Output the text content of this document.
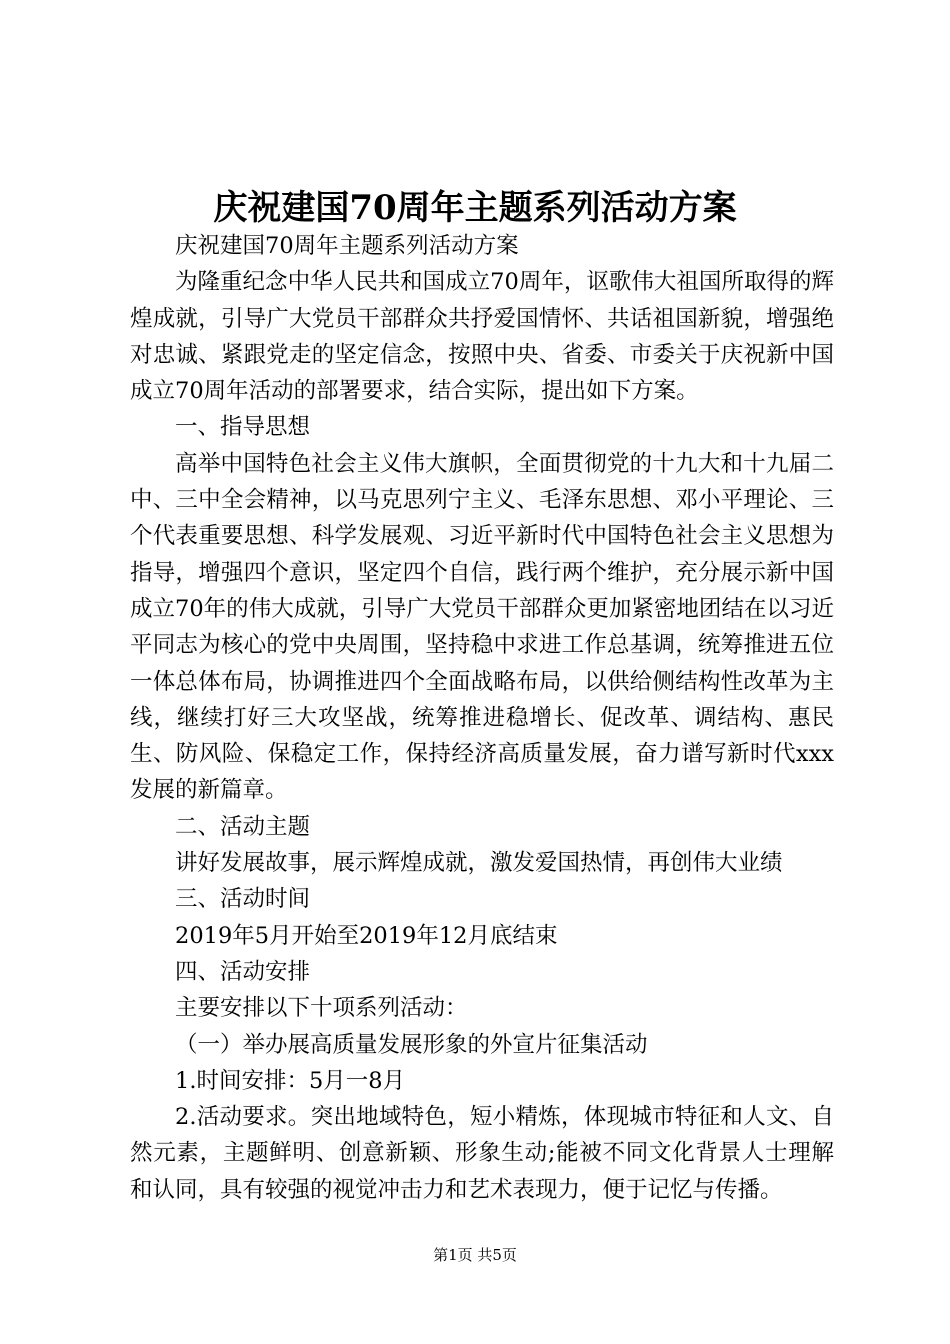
庆祝建国70周年主题系列活动方案

庆祝建国70周年主题系列活动方案

为隆重纪念中华人民共和国成立70周年，讴歌伟大祖国所取得的辉煌成就，引导广大党员干部群众共抒爱国情怀、共话祖国新貌，增强绝对忠诚、紧跟党走的坚定信念，按照中央、省委、市委关于庆祝新中国成立70周年活动的部署要求，结合实际，提出如下方案。

一、指导思想

高举中国特色社会主义伟大旗帜，全面贯彻党的十九大和十九届二中、三中全会精神，以马克思列宁主义、毛泽东思想、邓小平理论、三个代表重要思想、科学发展观、习近平新时代中国特色社会主义思想为指导，增强四个意识，坚定四个自信，践行两个维护，充分展示新中国成立70年的伟大成就，引导广大党员干部群众更加紧密地团结在以习近平同志为核心的党中央周围，坚持稳中求进工作总基调，统筹推进五位一体总体布局，协调推进四个全面战略布局，以供给侧结构性改革为主线，继续打好三大攻坚战，统筹推进稳增长、促改革、调结构、惠民生、防风险、保稳定工作，保持经济高质量发展，奋力谱写新时代xxx发展的新篇章。

二、活动主题

讲好发展故事，展示辉煌成就，激发爱国热情，再创伟大业绩

三、活动时间

2019年5月开始至2019年12月底结束

四、活动安排

主要安排以下十项系列活动：

（一）举办展高质量发展形象的外宣片征集活动

1.时间安排：5月一8月

2.活动要求。突出地域特色，短小精炼，体现城市特征和人文、自然元素，主题鲜明、创意新颖、形象生动;能被不同文化背景人士理解和认同，具有较强的视觉冲击力和艺术表现力，便于记忆与传播。

第1页 共5页
